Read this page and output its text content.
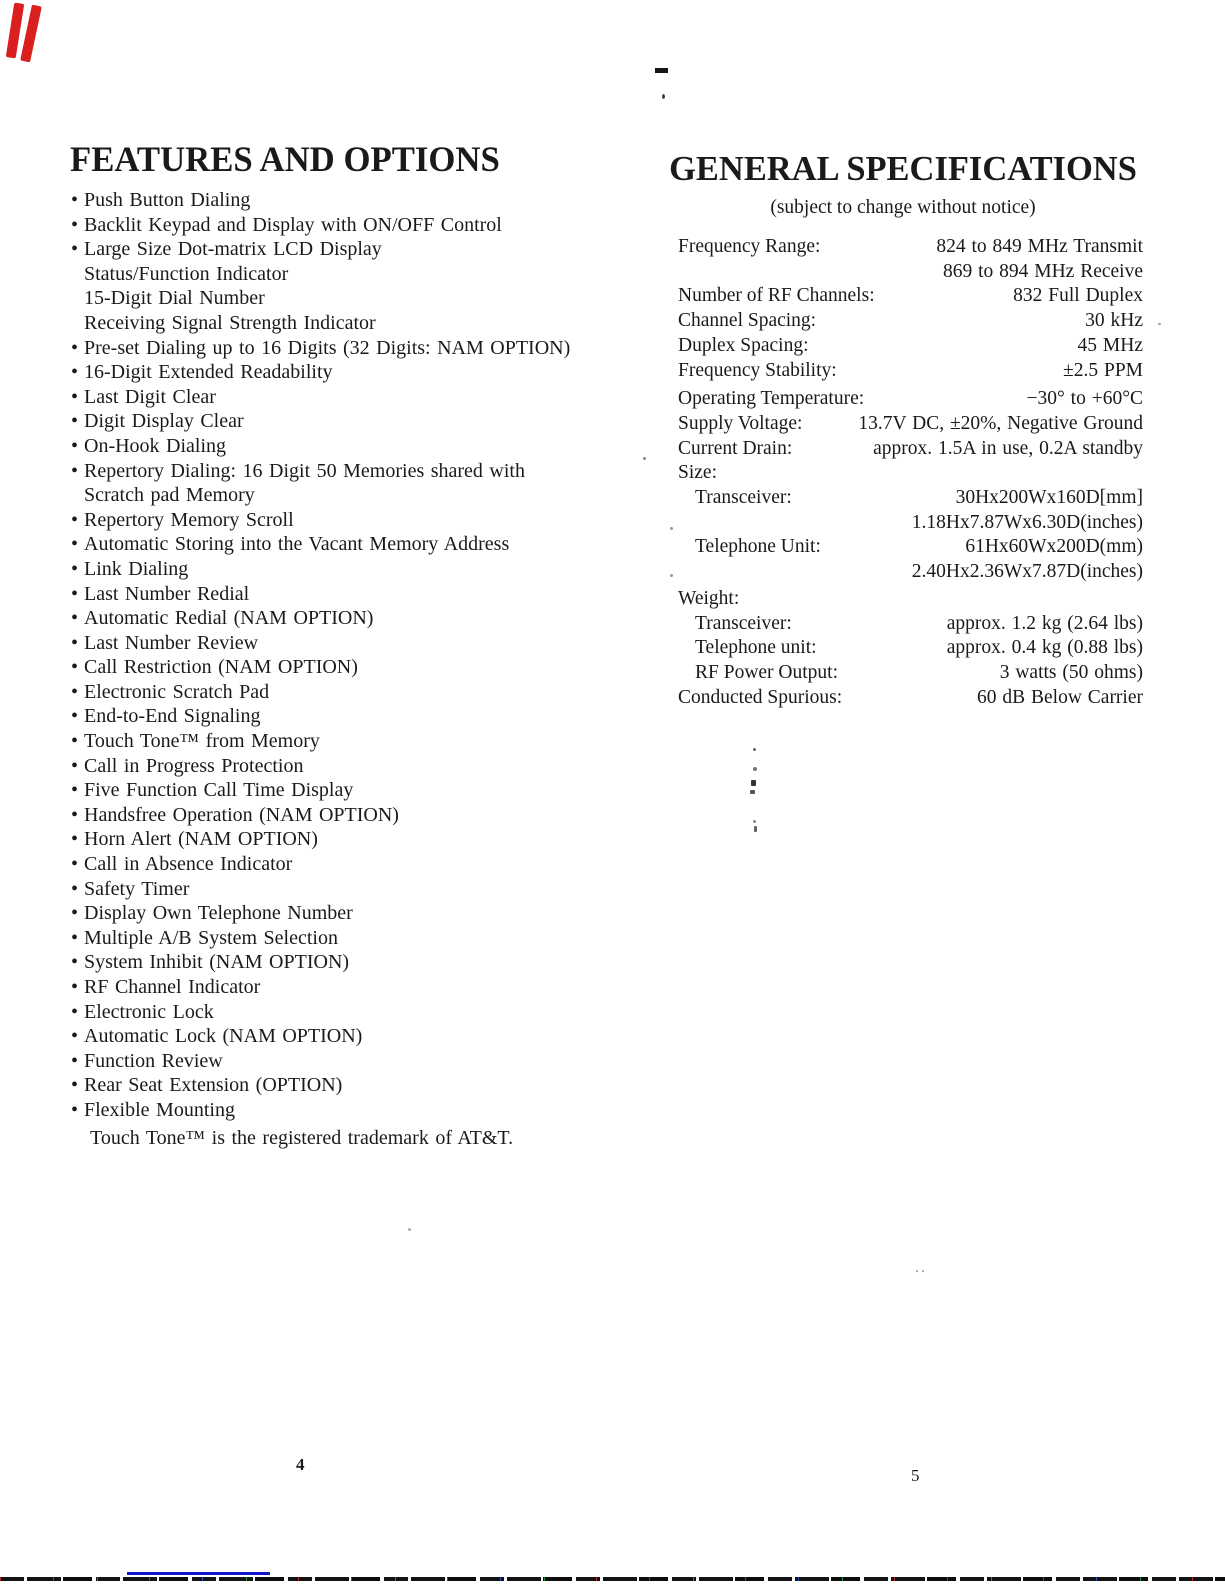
FEATURES AND OPTIONS
• Push Button Dialing
• Backlit Keypad and Display with ON/OFF Control
• Large Size Dot-matrix LCD Display
Status/Function Indicator
15-Digit Dial Number
Receiving Signal Strength Indicator
• Pre-set Dialing up to 16 Digits (32 Digits: NAM OPTION)
• 16-Digit Extended Readability
• Last Digit Clear
• Digit Display Clear
• On-Hook Dialing
• Repertory Dialing: 16 Digit 50 Memories shared with
Scratch pad Memory
• Repertory Memory Scroll
• Automatic Storing into the Vacant Memory Address
• Link Dialing
• Last Number Redial
• Automatic Redial (NAM OPTION)
• Last Number Review
• Call Restriction (NAM OPTION)
• Electronic Scratch Pad
• End-to-End Signaling
• Touch Tone™ from Memory
• Call in Progress Protection
• Five Function Call Time Display
• Handsfree Operation (NAM OPTION)
• Horn Alert (NAM OPTION)
• Call in Absence Indicator
• Safety Timer
• Display Own Telephone Number
• Multiple A/B System Selection
• System Inhibit (NAM OPTION)
• RF Channel Indicator
• Electronic Lock
• Automatic Lock (NAM OPTION)
• Function Review
• Rear Seat Extension (OPTION)
• Flexible Mounting

Touch Tone™ is the registered trademark of AT&T.

GENERAL SPECIFICATIONS
(subject to change without notice)
Frequency Range:	824 to 849 MHz Transmit
869 to 894 MHz Receive
Number of RF Channels:	832 Full Duplex
Channel Spacing:	30 kHz
Duplex Spacing:	45 MHz
Frequency Stability:	±2.5 PPM
Operating Temperature:	−30° to +60°C
Supply Voltage:	13.7V DC, ±20%, Negative Ground
Current Drain:	approx. 1.5A in use, 0.2A standby
Size:
Transceiver:	30Hx200Wx160D[mm]
1.18Hx7.87Wx6.30D(inches)
Telephone Unit:	61Hx60Wx200D(mm)
2.40Hx2.36Wx7.87D(inches)
Weight:
Transceiver:	approx. 1.2 kg (2.64 lbs)
Telephone unit:	approx. 0.4 kg (0.88 lbs)
RF Power Output:	3 watts (50 ohms)
Conducted Spurious:	60 dB Below Carrier
4
5
